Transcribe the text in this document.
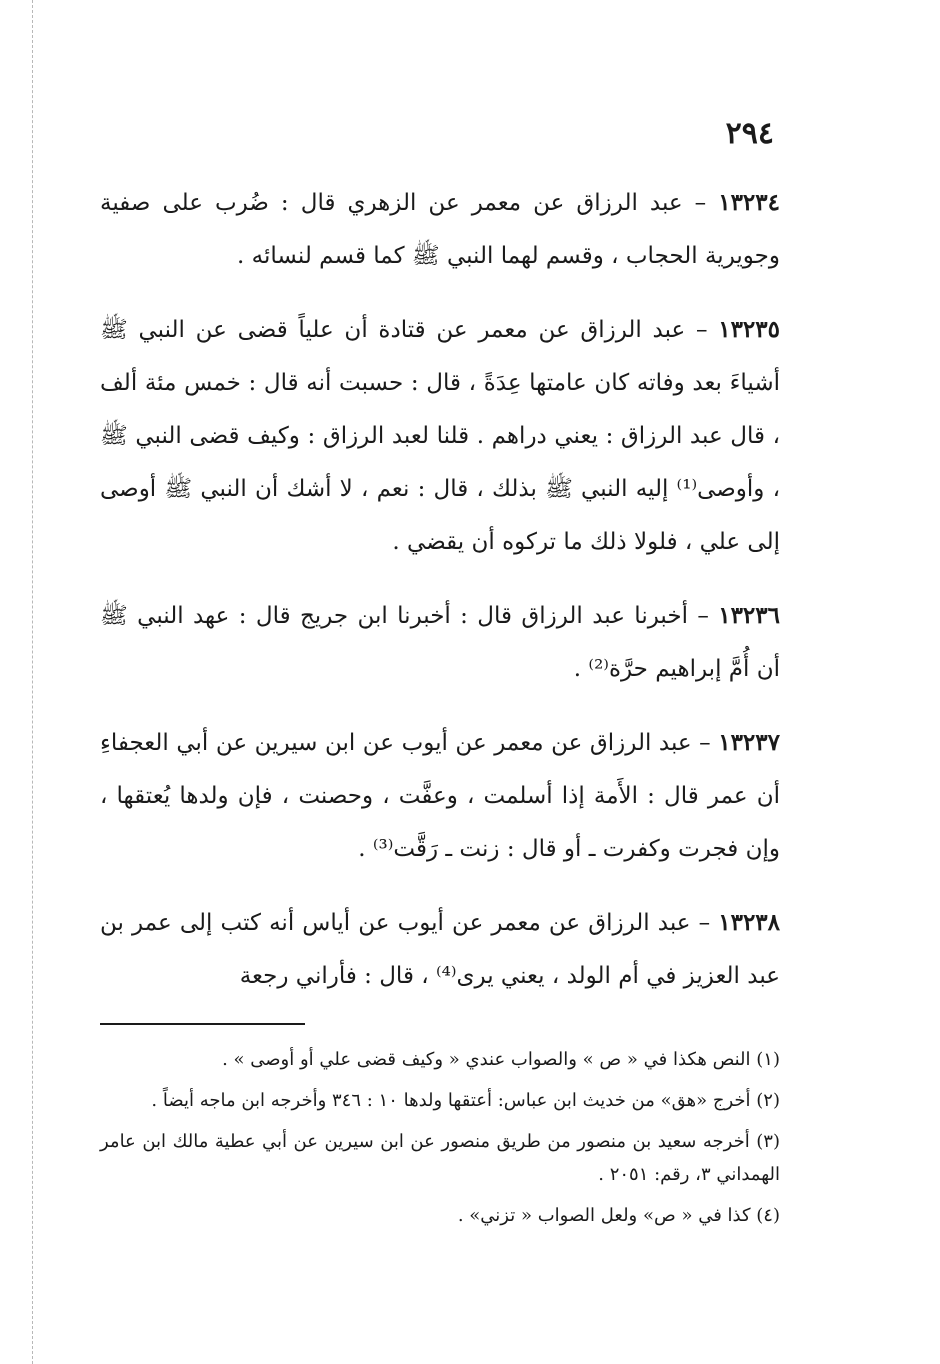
٢٩٤

١٣٢٣٤ – عبد الرزاق عن معمر عن الزهري قال : ضُرب على صفية وجويرية الحجاب ، وقسم لهما النبي ﷺ كما قسم لنسائه .

١٣٢٣٥ – عبد الرزاق عن معمر عن قتادة أن علياً قضى عن النبي ﷺ أشياءَ بعد وفاته كان عامتها عِدَةً ، قال : حسبت أنه قال : خمس مئة ألف ، قال عبد الرزاق : يعني دراهم . قلنا لعبد الرزاق : وكيف قضى النبي ﷺ ، وأوصى⁽¹⁾ إليه النبي ﷺ بذلك ، قال : نعم ، لا أشك أن النبي ﷺ أوصى إلى علي ، فلولا ذلك ما تركوه أن يقضي .

١٣٢٣٦ – أخبرنا عبد الرزاق قال : أخبرنا ابن جريج قال : عهد النبي ﷺ أن أُمَّ إبراهيم حرَّة⁽²⁾ .

١٣٢٣٧ – عبد الرزاق عن معمر عن أيوب عن ابن سيرين عن أبي العجفاءِ أن عمر قال : الأَمة إذا أسلمت ، وعفَّت ، وحصنت ، فإن ولدها يُعتقها ، وإن فجرت وكفرت ـ أو قال : زنت ـ رَقَّت⁽³⁾ .

١٣٢٣٨ – عبد الرزاق عن معمر عن أيوب عن أياس أنه كتب إلى عمر بن عبد العزيز في أم الولد ، يعني يرى⁽⁴⁾ ، قال : فأراني رجعة

(١) النص هكذا في « ص » والصواب عندي « وكيف قضى علي أو أوصى » .

(٢) أخرج «هق» من خديث ابن عباس: أعتقها ولدها ١٠ : ٣٤٦ وأخرجه ابن ماجه أيضاً .

(٣) أخرجه سعيد بن منصور من طريق منصور عن ابن سيرين عن أبي عطية مالك ابن عامر الهمداني ٣، رقم: ٢٠٥١ .

(٤) كذا في « ص» ولعل الصواب « تزني» .
